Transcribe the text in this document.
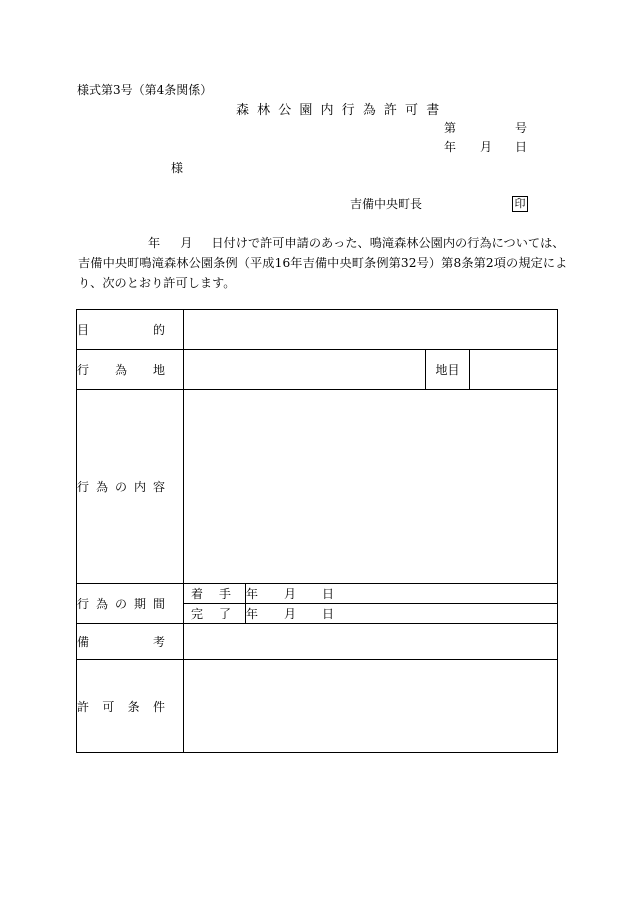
様式第3号（第4条関係）
森 林 公 園 内 行 為 許 可 書
第	号
年 月 日
様
吉備中央町長	印
年 月 日付けで許可申請のあった、鳴滝森林公園内の行為については、
吉備中央町鳴滝森林公園条例（平成16年吉備中央町条例第32号）第8条第2項の規定によ
り、次のとおり許可します。
目 的				

行 為 地			地目	

行 為 の 内 容				

行 為 の 期 間	着 手	年 月 日		

	完 了	年 月 日		

備 考				

許 可 条 件				
